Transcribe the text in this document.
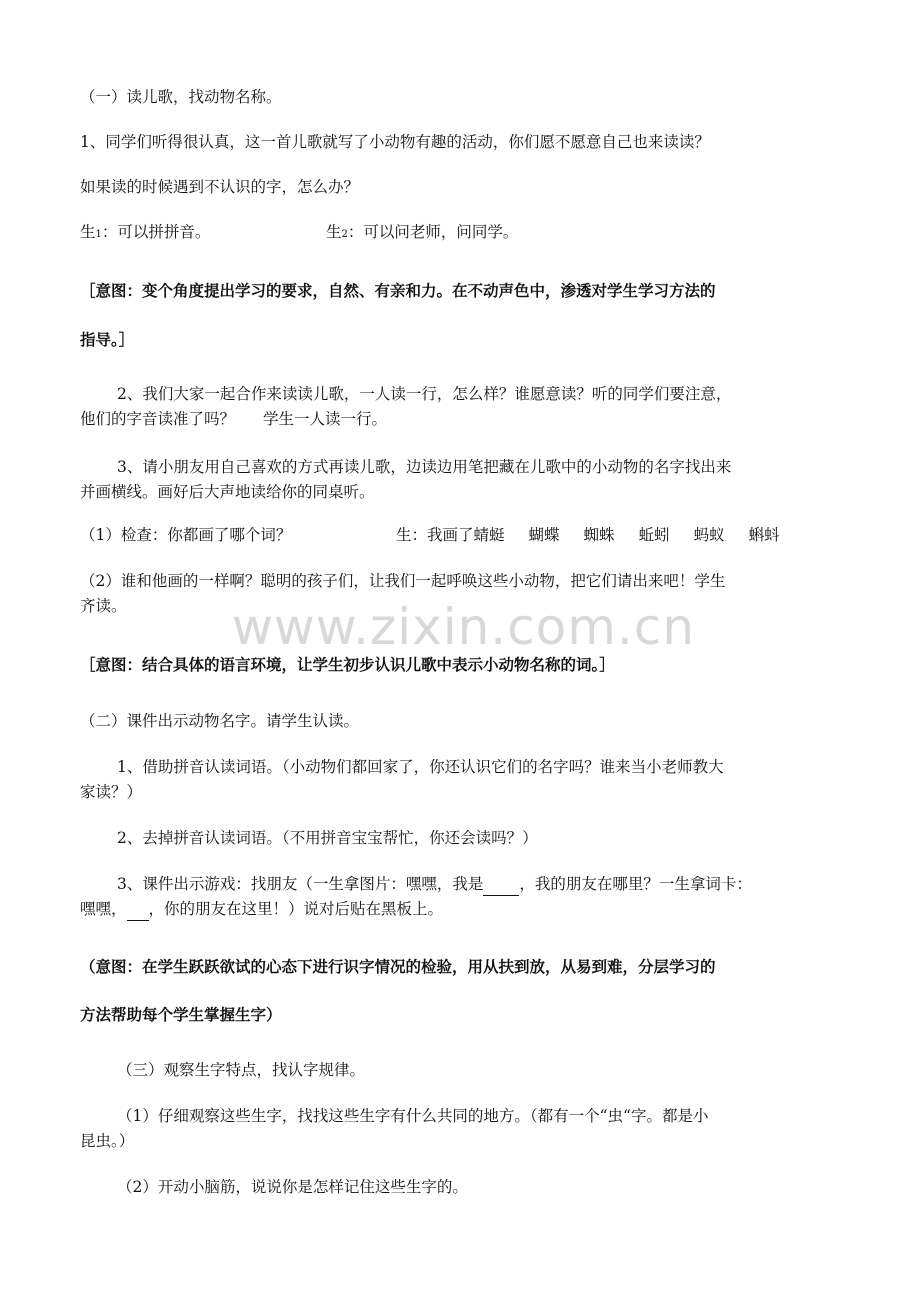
www.zixin.com.cn
（一）读儿歌，找动物名称。
1、同学们听得很认真，这一首儿歌就写了小动物有趣的活动，你们愿不愿意自己也来读读？
如果读的时候遇到不认识的字，怎么办？
生1：可以拼拼音。	生2：可以问老师，问同学。
［意图：变个角度提出学习的要求，自然、有亲和力。在不动声色中，渗透对学生学习方法的
指导。］
2、我们大家一起合作来读读儿歌，一人读一行，怎么样？谁愿意读？听的同学们要注意，
他们的字音读准了吗？ 学生一人读一行。
3、请小朋友用自己喜欢的方式再读儿歌，边读边用笔把藏在儿歌中的小动物的名字找出来
并画横线。画好后大声地读给你的同桌听。
（1）检查：你都画了哪个词？	生：我画了蜻蜓 蝴蝶 蜘蛛 蚯蚓 蚂蚁 蝌蚪
（2）谁和他画的一样啊？聪明的孩子们，让我们一起呼唤这些小动物，把它们请出来吧！学生
齐读。
［意图：结合具体的语言环境，让学生初步认识儿歌中表示小动物名称的词。］
（二）课件出示动物名字。请学生认读。
1、借助拼音认读词语。（小动物们都回家了，你还认识它们的名字吗？谁来当小老师教大
家读？）
2、去掉拼音认读词语。（不用拼音宝宝帮忙，你还会读吗？）
3、课件出示游戏：找朋友（一生拿图片：嘿嘿，我是 ，我的朋友在哪里？一生拿词卡：
嘿嘿， ，你的朋友在这里！）说对后贴在黑板上。
（意图：在学生跃跃欲试的心态下进行识字情况的检验，用从扶到放，从易到难，分层学习的
方法帮助每个学生掌握生字）
（三）观察生字特点，找认字规律。
（1）仔细观察这些生字，找找这些生字有什么共同的地方。（都有一个“虫“字。都是小
昆虫。）
（2）开动小脑筋，说说你是怎样记住这些生字的。
